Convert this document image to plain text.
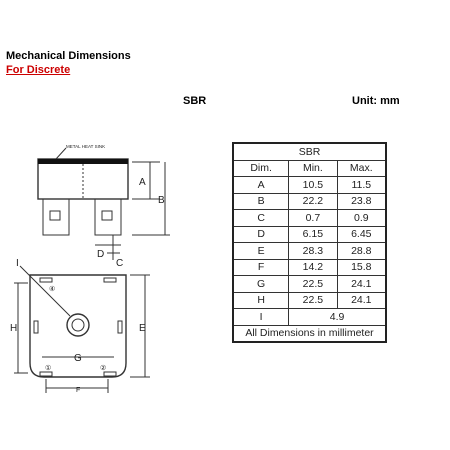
Mechanical Dimensions
For Discrete
SBR	Unit: mm
METAL HEAT SINK
A
B
C
D
I
H	E
G
F
④
①	②
SBR		
Dim.	Min.	Max.
A	10.5	11.5
B	22.2	23.8
C	0.7	0.9
D	6.15	6.45
E	28.3	28.8
F	14.2	15.8
G	22.5	24.1
H	22.5	24.1
I	4.9	
All Dimensions in millimeter		
